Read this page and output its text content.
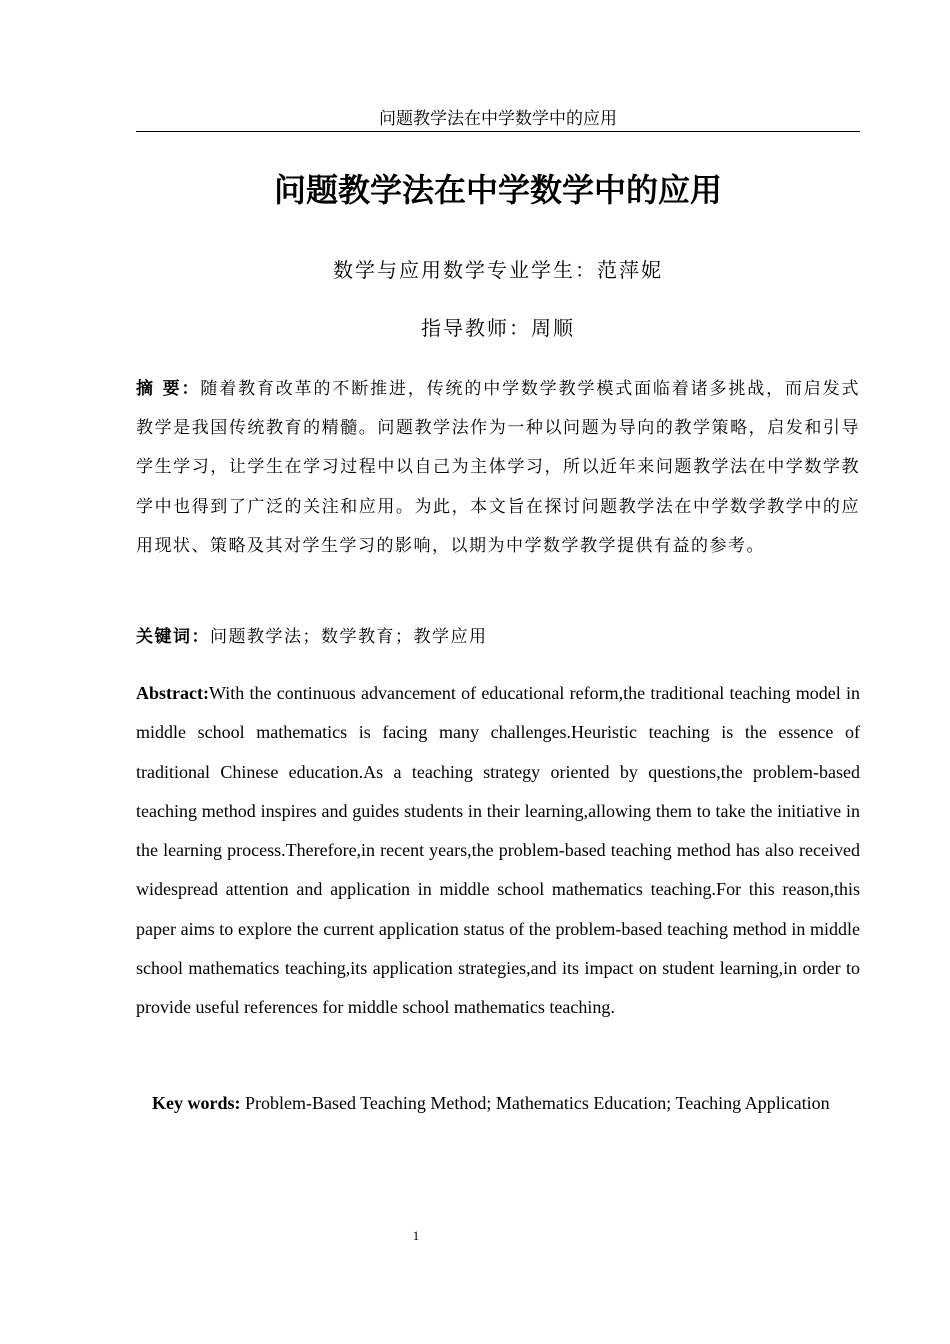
问题教学法在中学数学中的应用
问题教学法在中学数学中的应用
数学与应用数学专业学生：范萍妮
指导教师：周顺
摘 要：随着教育改革的不断推进，传统的中学数学教学模式面临着诸多挑战，而启发式教学是我国传统教育的精髓。问题教学法作为一种以问题为导向的教学策略，启发和引导学生学习，让学生在学习过程中以自己为主体学习，所以近年来问题教学法在中学数学教学中也得到了广泛的关注和应用。为此，本文旨在探讨问题教学法在中学数学教学中的应用现状、策略及其对学生学习的影响，以期为中学数学教学提供有益的参考。
关键词：问题教学法；数学教育；教学应用
Abstract:With the continuous advancement of educational reform,the traditional teaching model in middle school mathematics is facing many challenges.Heuristic teaching is the essence of traditional Chinese education.As a teaching strategy oriented by questions,the problem-based teaching method inspires and guides students in their learning,allowing them to take the initiative in the learning process.Therefore,in recent years,the problem-based teaching method has also received widespread attention and application in middle school mathematics teaching.For this reason,this paper aims to explore the current application status of the problem-based teaching method in middle school mathematics teaching,its application strategies,and its impact on student learning,in order to provide useful references for middle school mathematics teaching.
Key words: Problem-Based Teaching Method; Mathematics Education; Teaching Application
1
